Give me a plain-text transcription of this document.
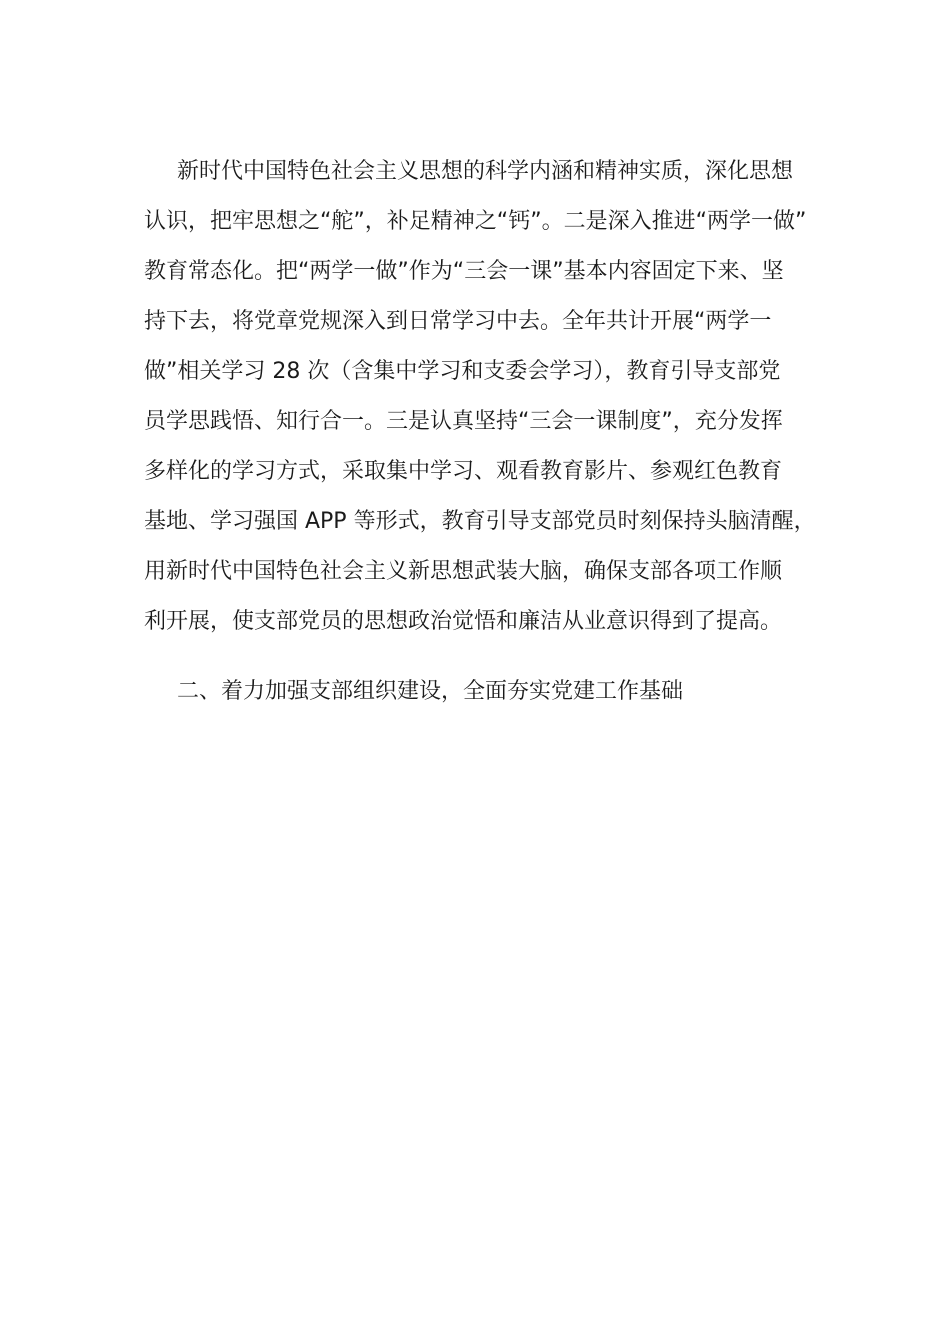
新时代中国特色社会主义思想的科学内涵和精神实质，深化思想

认识，把牢思想之“舵”，补足精神之“钙”。二是深入推进“两学一做”

教育常态化。把“两学一做”作为“三会一课”基本内容固定下来、坚

持下去，将党章党规深入到日常学习中去。全年共计开展“两学一

做”相关学习 28 次（含集中学习和支委会学习），教育引导支部党

员学思践悟、知行合一。三是认真坚持“三会一课制度”，充分发挥

多样化的学习方式，采取集中学习、观看教育影片、参观红色教育

基地、学习强国 APP 等形式，教育引导支部党员时刻保持头脑清醒，

用新时代中国特色社会主义新思想武装大脑，确保支部各项工作顺

利开展，使支部党员的思想政治觉悟和廉洁从业意识得到了提高。

二、着力加强支部组织建设，全面夯实党建工作基础
